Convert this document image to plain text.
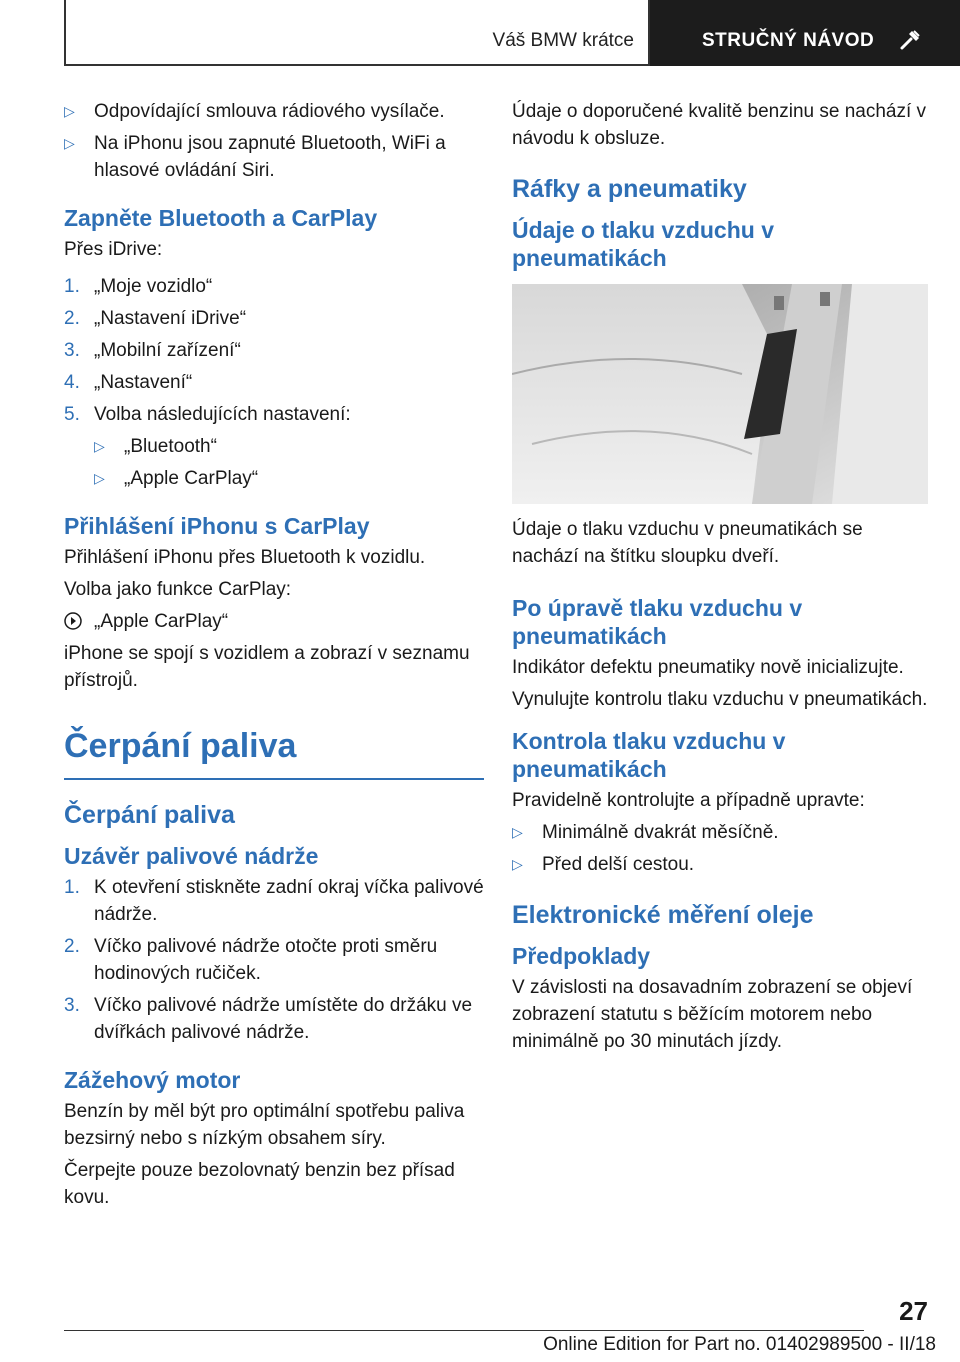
Váš BMW krátce	STRUČNÝ NÁVOD
▷ Odpovídající smlouva rádiového vysílače.
▷ Na iPhonu jsou zapnuté Bluetooth, WiFi a hlasové ovládání Siri.
Zapněte Bluetooth a CarPlay
Přes iDrive:
1. „Moje vozidlo“
2. „Nastavení iDrive“
3. „Mobilní zařízení“
4. „Nastavení“
5. Volba následujících nastavení:
▷ „Bluetooth“
▷ „Apple CarPlay“
Přihlášení iPhonu s CarPlay
Přihlášení iPhonu přes Bluetooth k vozidlu.
Volba jako funkce CarPlay:
„Apple CarPlay“
iPhone se spojí s vozidlem a zobrazí v seznamu přístrojů.
Čerpání paliva
Čerpání paliva
Uzávěr palivové nádrže
1. K otevření stiskněte zadní okraj víčka palivové nádrže.
2. Víčko palivové nádrže otočte proti směru hodinových ručiček.
3. Víčko palivové nádrže umístěte do držáku ve dvířkách palivové nádrže.
Zážehový motor
Benzín by měl být pro optimální spotřebu paliva bezsirný nebo s nízkým obsahem síry.
Čerpejte pouze bezolovnatý benzin bez přísad kovu.
Údaje o doporučené kvalitě benzinu se nachází v návodu k obsluze.
Ráfky a pneumatiky
Údaje o tlaku vzduchu v pneumatikách
Údaje o tlaku vzduchu v pneumatikách se nachází na štítku sloupku dveří.
Po úpravě tlaku vzduchu v pneumatikách
Indikátor defektu pneumatiky nově inicializujte.
Vynulujte kontrolu tlaku vzduchu v pneumatikách.
Kontrola tlaku vzduchu v pneumatikách
Pravidelně kontrolujte a případně upravte:
▷ Minimálně dvakrát měsíčně.
▷ Před delší cestou.
Elektronické měření oleje
Předpoklady
V závislosti na dosavadním zobrazení se objeví zobrazení statutu s běžícím motorem nebo minimálně po 30 minutách jízdy.
27
Online Edition for Part no. 01402989500 - II/18
